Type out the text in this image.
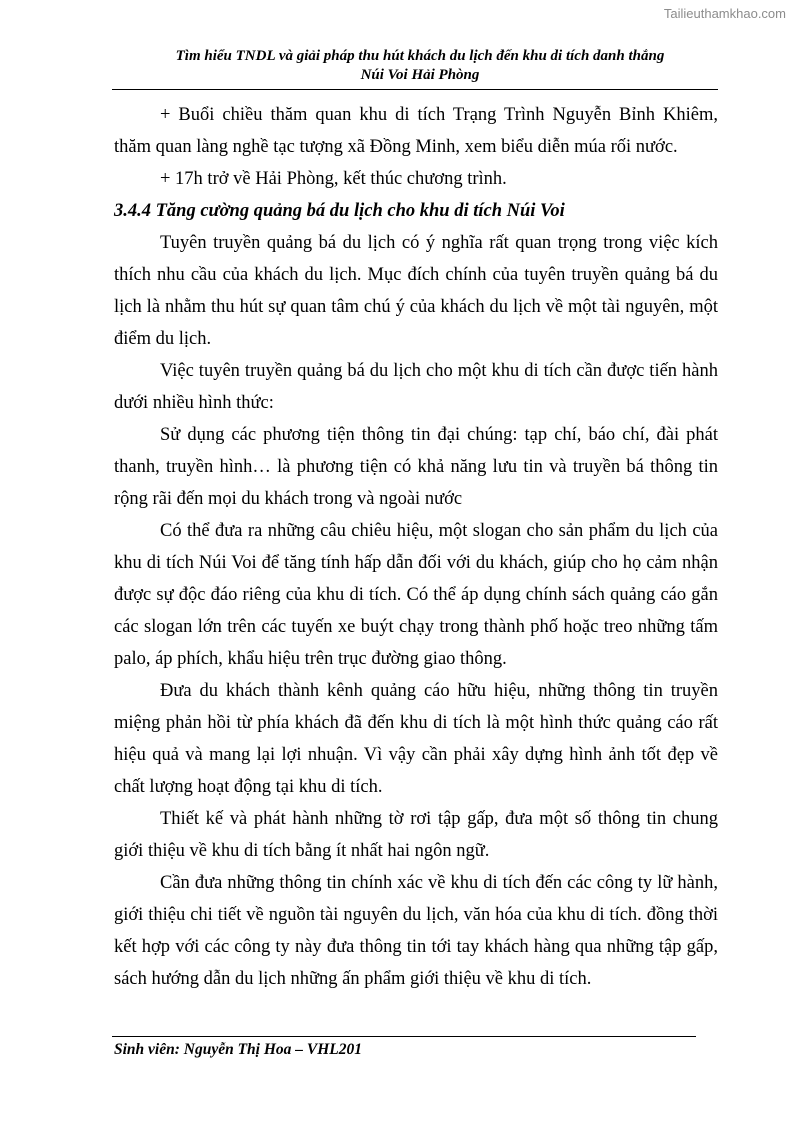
Tailieuthamkhao.com
Tìm hiểu TNDL và giải pháp thu hút khách du lịch đến khu di tích danh thắng
Núi Voi Hải Phòng

+ Buổi chiều thăm quan khu di tích Trạng Trình Nguyễn Bỉnh Khiêm, thăm quan làng nghề tạc tượng xã Đồng Minh, xem biểu diễn múa rối nước.

+ 17h trở về Hải Phòng, kết thúc chương trình.

3.4.4 Tăng cường quảng bá du lịch cho khu di tích Núi Voi

Tuyên truyền quảng bá du lịch có ý nghĩa rất quan trọng trong việc kích thích nhu cầu của khách du lịch. Mục đích chính của tuyên truyền quảng bá du lịch là nhằm thu hút sự quan tâm chú ý của khách du lịch về một tài nguyên, một điểm du lịch.

Việc tuyên truyền quảng bá du lịch cho một khu di tích cần được tiến hành dưới nhiều hình thức:

Sử dụng các phương tiện thông tin đại chúng: tạp chí, báo chí, đài phát thanh, truyền hình… là phương tiện có khả năng lưu tin và truyền bá thông tin rộng rãi đến mọi du khách trong và ngoài nước

Có thể đưa ra những câu chiêu hiệu, một slogan cho sản phẩm du lịch của khu di tích Núi Voi để tăng tính hấp dẫn đối với du khách, giúp cho họ cảm nhận được sự độc đáo riêng của khu di tích. Có thể áp dụng chính sách quảng cáo gắn các slogan lớn trên các tuyến xe buýt chạy trong thành phố hoặc treo những tấm palo, áp phích, khẩu hiệu trên trục đường giao thông.

Đưa du khách thành kênh quảng cáo hữu hiệu, những thông tin truyền miệng phản hồi từ phía khách đã đến khu di tích là một hình thức quảng cáo rất hiệu quả và mang lại lợi nhuận. Vì vậy cần phải xây dựng hình ảnh tốt đẹp về chất lượng hoạt động tại khu di tích.

Thiết kế và phát hành những tờ rơi tập gấp, đưa một số thông tin chung giới thiệu về khu di tích bằng ít nhất hai ngôn ngữ.

Cần đưa những thông tin chính xác về khu di tích đến các công ty lữ hành, giới thiệu chi tiết về nguồn tài nguyên du lịch, văn hóa của khu di tích. đồng thời kết hợp với các công ty này đưa thông tin tới tay khách hàng qua những tập gấp, sách hướng dẫn du lịch những ấn phẩm giới thiệu về khu di tích.

Sinh viên: Nguyễn Thị Hoa – VHL201
